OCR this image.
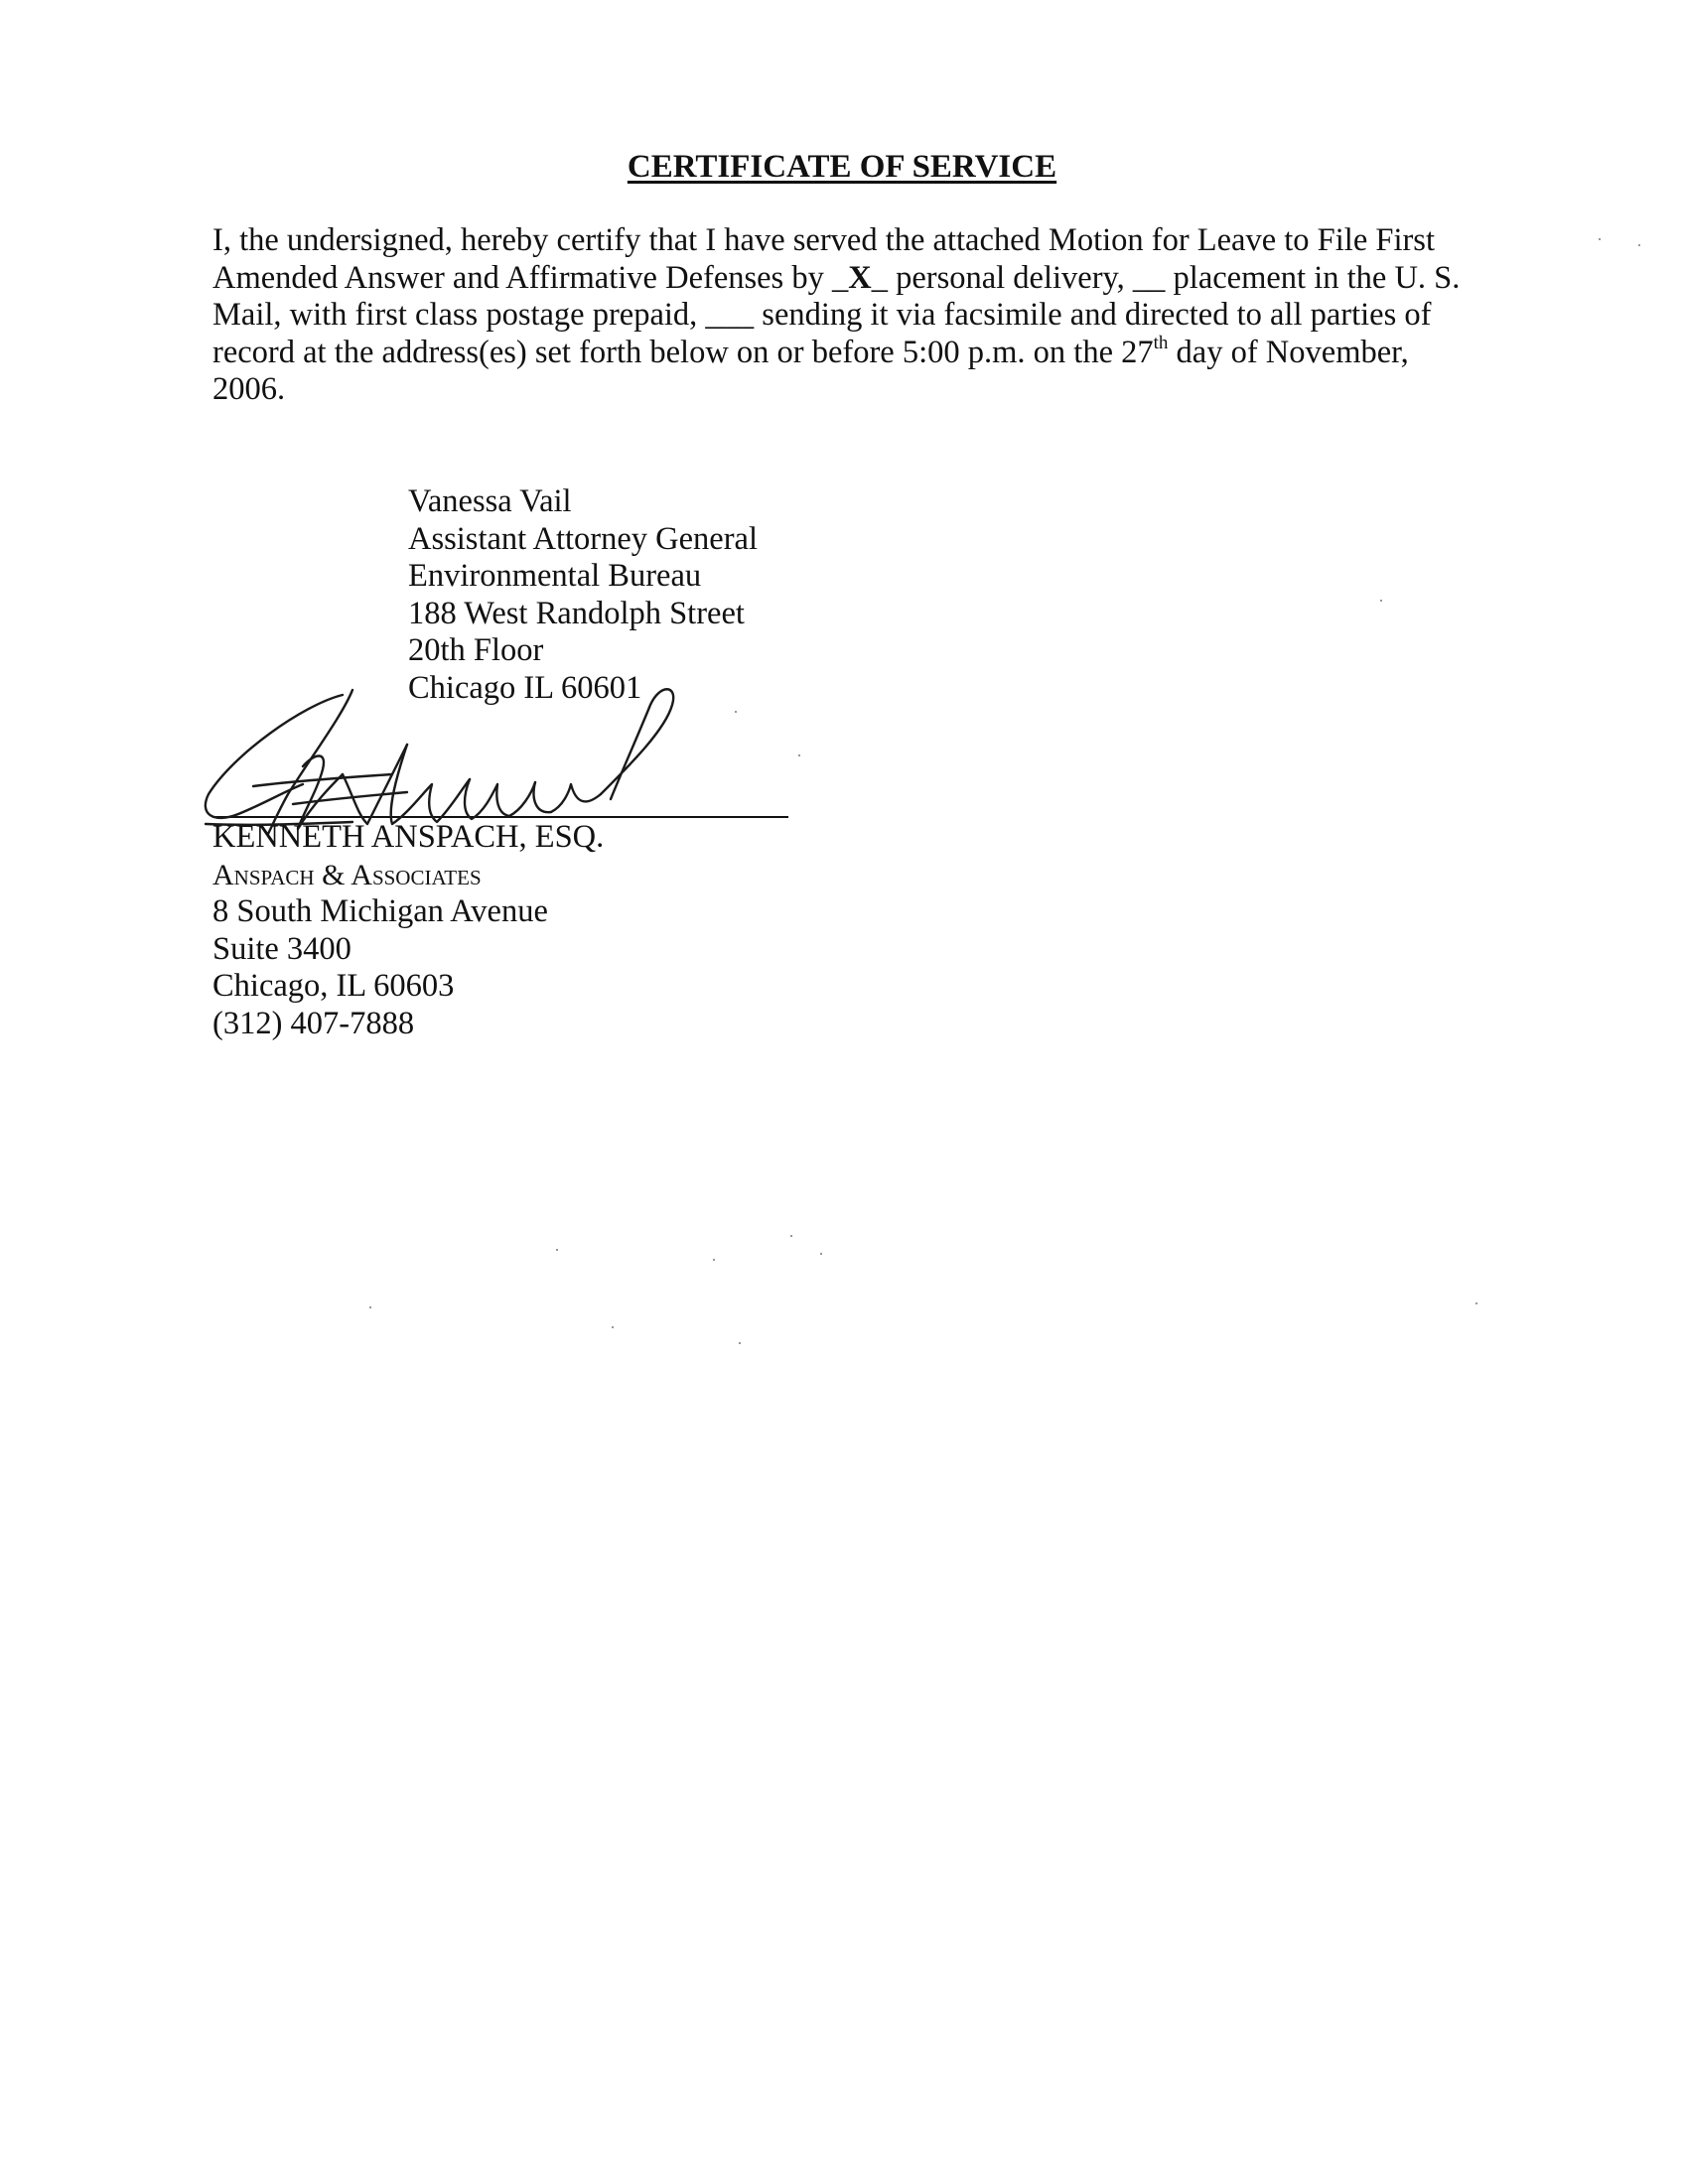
CERTIFICATE OF SERVICE
I, the undersigned, hereby certify that I have served the attached Motion for Leave to File First
Amended Answer and Affirmative Defenses by _X_ personal delivery, __ placement in the U. S.
Mail, with first class postage prepaid, ___ sending it via facsimile and directed to all parties of
record at the address(es) set forth below on or before 5:00 p.m. on the 27th day of November,
2006.
Vanessa Vail
Assistant Attorney General
Environmental Bureau
188 West Randolph Street
20th Floor
Chicago IL 60601
KENNETH ANSPACH, ESQ.
Anspach & Associates
8 South Michigan Avenue
Suite 3400
Chicago, IL 60603
(312) 407-7888
